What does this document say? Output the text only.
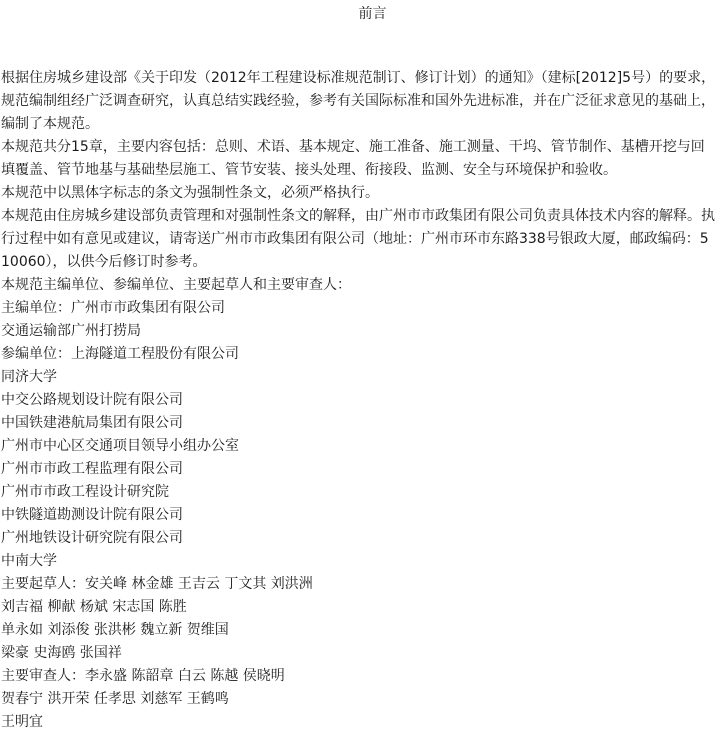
前言

根据住房城乡建设部《关于印发（2012年工程建设标准规范制订、修订计划）的通知》（建标[2012]5号）的要求，规范编制组经广泛调查研究，认真总结实践经验，参考有关国际标准和国外先进标准，并在广泛征求意见的基础上，编制了本规范。

本规范共分15章，主要内容包括：总则、术语、基本规定、施工准备、施工测量、干坞、管节制作、基槽开挖与回填覆盖、管节地基与基础垫层施工、管节安装、接头处理、衔接段、监测、安全与环境保护和验收。

本规范中以黑体字标志的条文为强制性条文，必须严格执行。

本规范由住房城乡建设部负责管理和对强制性条文的解释，由广州市市政集团有限公司负责具体技术内容的解释。执行过程中如有意见或建议，请寄送广州市市政集团有限公司（地址：广州市环市东路338号银政大厦，邮政编码：510060），以供今后修订时参考。

本规范主编单位、参编单位、主要起草人和主要审查人：

主编单位：广州市市政集团有限公司

交通运输部广州打捞局

参编单位：上海隧道工程股份有限公司

同济大学

中交公路规划设计院有限公司

中国铁建港航局集团有限公司

广州市中心区交通项目领导小组办公室

广州市市政工程监理有限公司

广州市市政工程设计研究院

中铁隧道勘测设计院有限公司

广州地铁设计研究院有限公司

中南大学

主要起草人：安关峰 林金雄 王吉云 丁文其 刘洪洲

刘吉福 柳献 杨斌 宋志国 陈胜

单永如 刘添俊 张洪彬 魏立新 贺维国

梁豪 史海鸥 张国祥

主要审查人：李永盛 陈韶章 白云 陈越 侯晓明

贺春宁 洪开荣 任孝思 刘慈军 王鹤鸣

王明宜
